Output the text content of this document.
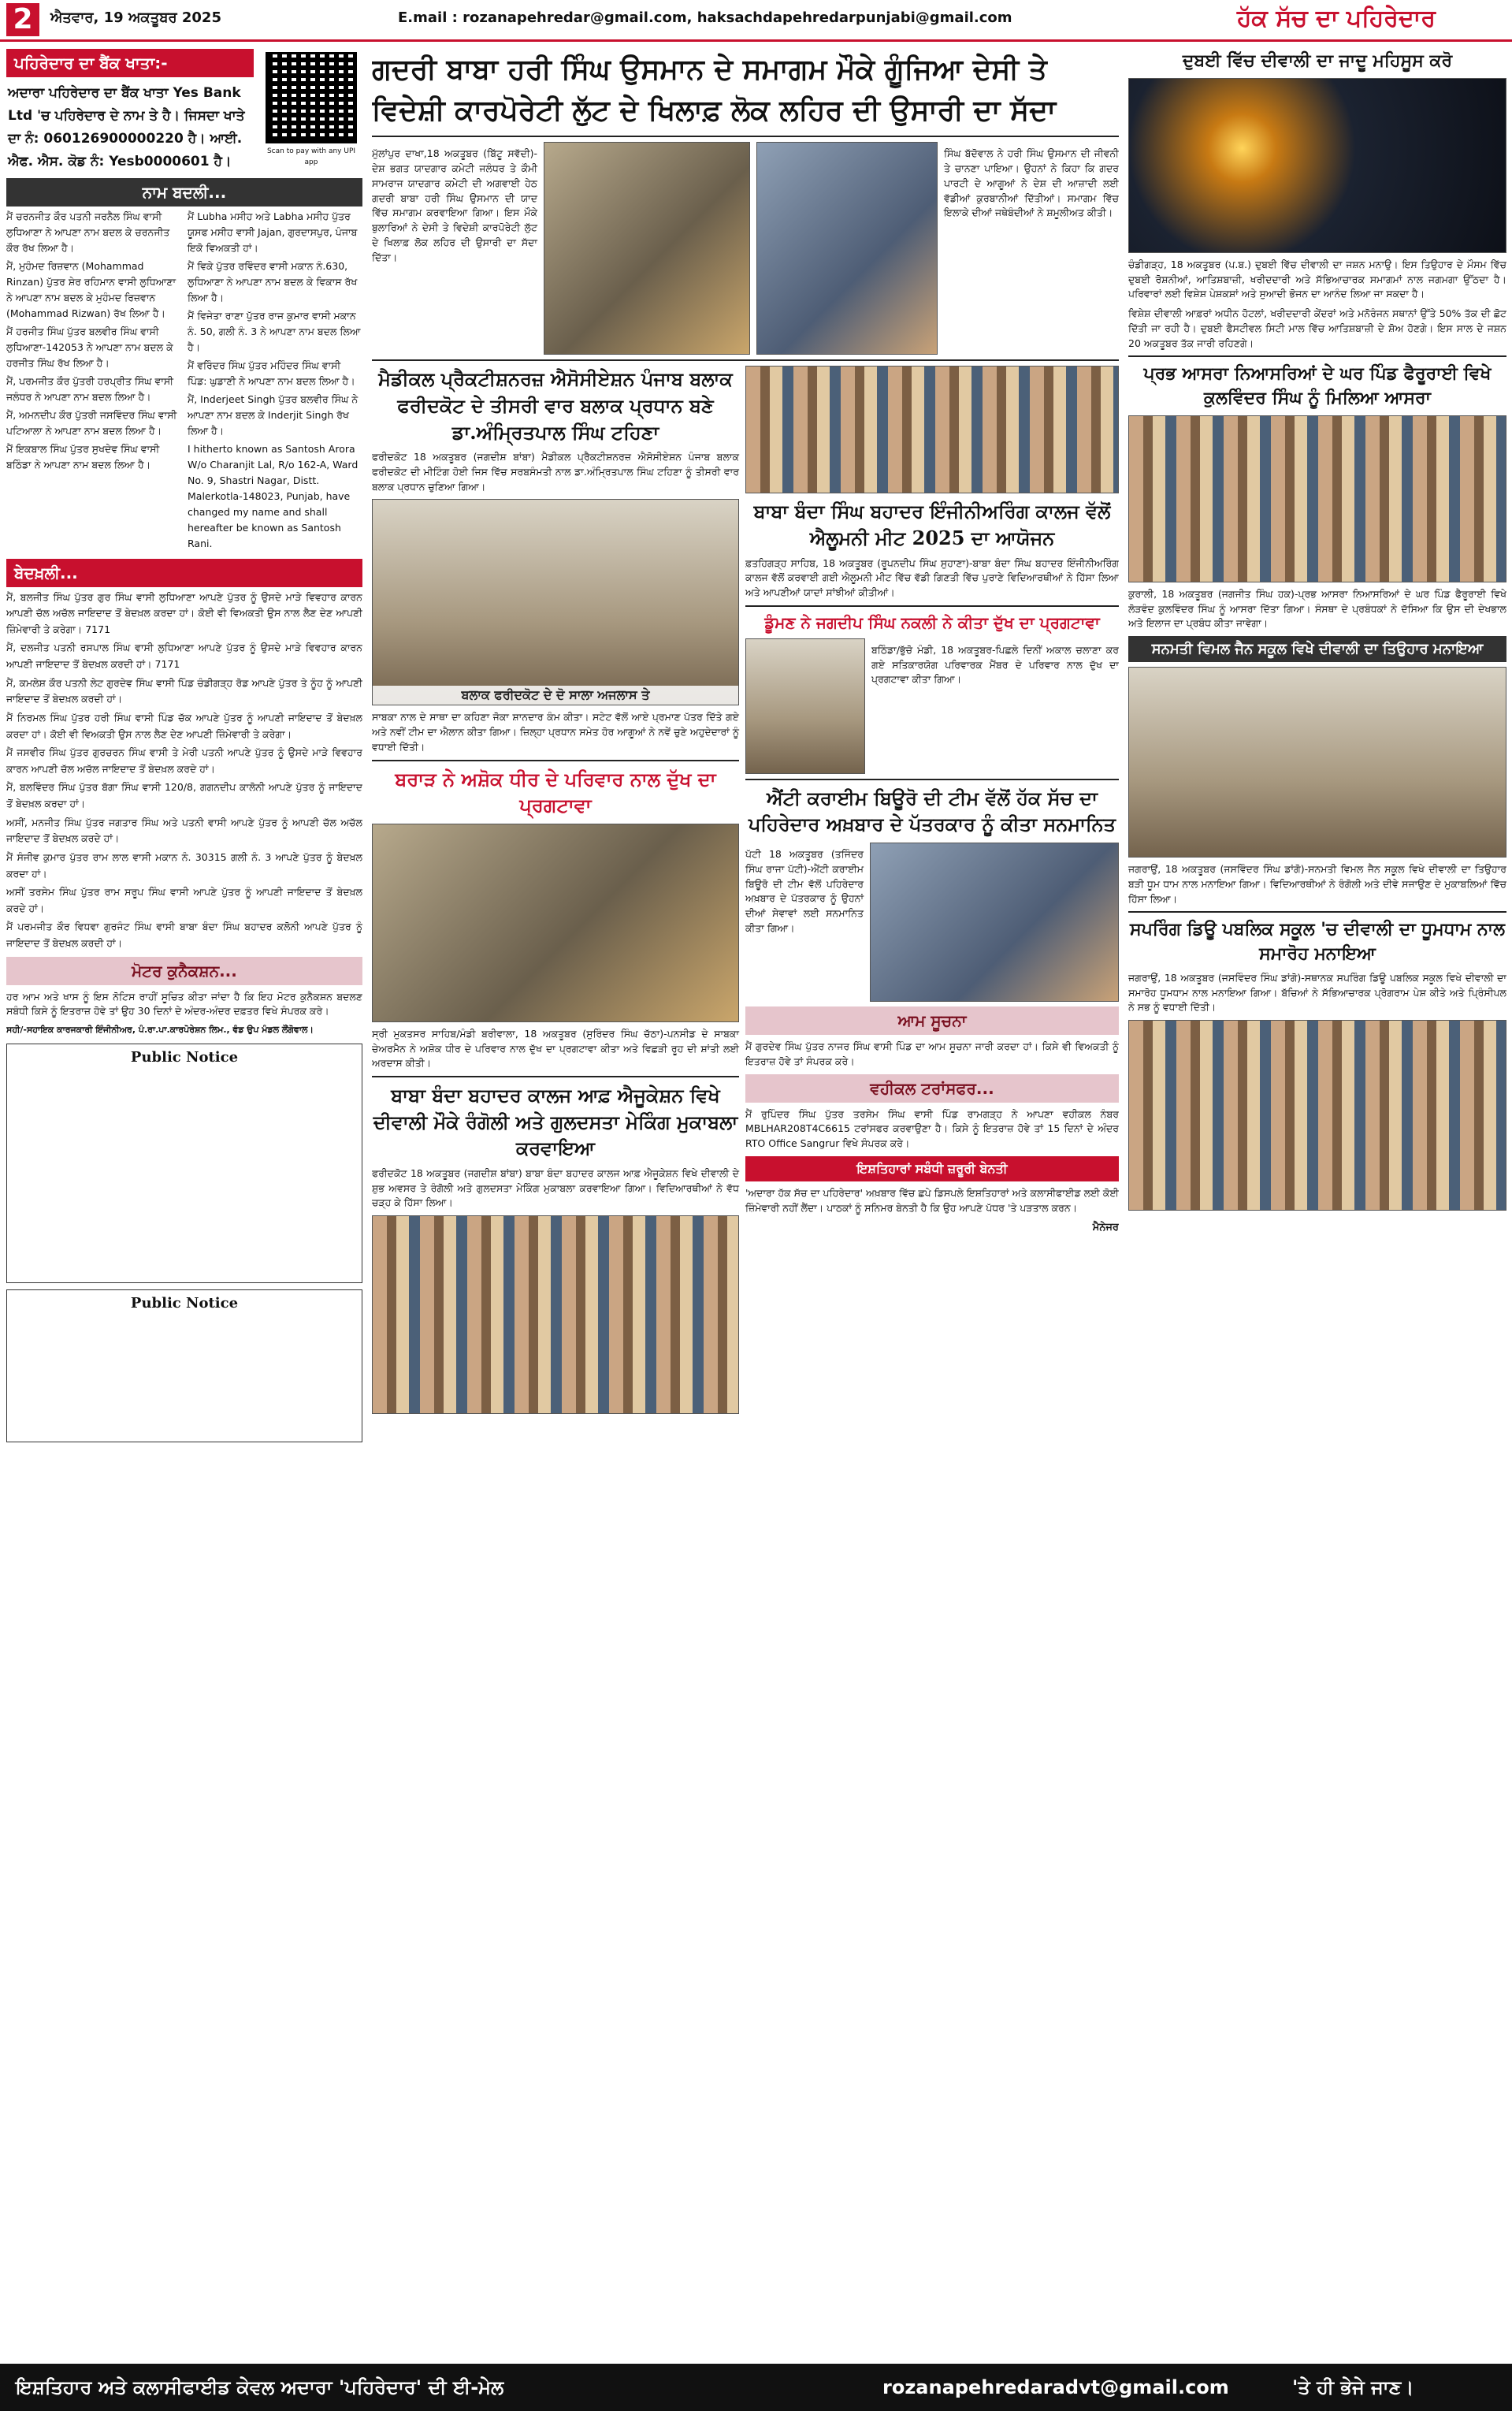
2	ਐਤਵਾਰ, 19 ਅਕਤੂਬਰ 2025	E.mail : rozanapehredar@gmail.com, haksachdapehredarpunjabi@gmail.com	ਹੱਕ ਸੱਚ ਦਾ ਪਹਿਰੇਦਾਰ
ਪਹਿਰੇਦਾਰ ਦਾ ਬੈਂਕ ਖਾਤਾ:-
ਅਦਾਰਾ ਪਹਿਰੇਦਾਰ ਦਾ ਬੈਂਕ ਖਾਤਾ Yes Bank Ltd 'ਚ ਪਹਿਰੇਦਾਰ ਦੇ ਨਾਮ ਤੇ ਹੈ। ਜਿਸਦਾ ਖਾਤੇ ਦਾ ਨੰ: 060126900000220 ਹੈ। ਆਈ. ਐਫ. ਐਸ. ਕੋਡ ਨੰ: Yesb0000601 ਹੈ।
Scan to pay with any UPI app
ਨਾਮ ਬਦਲੀ...
ਮੈਂ ਚਰਨਜੀਤ ਕੌਰ ਪਤਨੀ ਜਰਨੈਲ ਸਿੰਘ ਵਾਸੀ ਲੁਧਿਆਣਾ ਨੇ ਆਪਣਾ ਨਾਮ ਬਦਲ ਕੇ ਚਰਨਜੀਤ ਕੌਰ ਰੱਖ ਲਿਆ ਹੈ।
ਮੈਂ, ਮੁਹੰਮਦ ਰਿਜ਼ਵਾਨ (Mohammad Rinzan) ਪੁੱਤਰ ਸ਼ੇਰ ਰਹਿਮਾਨ ਵਾਸੀ ਲੁਧਿਆਣਾ ਨੇ ਆਪਣਾ ਨਾਮ ਬਦਲ ਕੇ ਮੁਹੰਮਦ ਰਿਜ਼ਵਾਨ (Mohammad Rizwan) ਰੱਖ ਲਿਆ ਹੈ।
ਮੈਂ ਹਰਜੀਤ ਸਿੰਘ ਪੁੱਤਰ ਬਲਵੀਰ ਸਿੰਘ ਵਾਸੀ ਲੁਧਿਆਣਾ-142053 ਨੇ ਆਪਣਾ ਨਾਮ ਬਦਲ ਕੇ ਹਰਜੀਤ ਸਿੰਘ ਰੱਖ ਲਿਆ ਹੈ।
ਮੈਂ, ਪਰਮਜੀਤ ਕੌਰ ਪੁੱਤਰੀ ਹਰਪ੍ਰੀਤ ਸਿੰਘ ਵਾਸੀ ਜਲੰਧਰ ਨੇ ਆਪਣਾ ਨਾਮ ਬਦਲ ਲਿਆ ਹੈ।
ਮੈਂ, ਅਮਨਦੀਪ ਕੌਰ ਪੁੱਤਰੀ ਜਸਵਿੰਦਰ ਸਿੰਘ ਵਾਸੀ ਪਟਿਆਲਾ ਨੇ ਆਪਣਾ ਨਾਮ ਬਦਲ ਲਿਆ ਹੈ।
ਮੈਂ ਇਕਬਾਲ ਸਿੰਘ ਪੁੱਤਰ ਸੁਖਦੇਵ ਸਿੰਘ ਵਾਸੀ ਬਠਿੰਡਾ ਨੇ ਆਪਣਾ ਨਾਮ ਬਦਲ ਲਿਆ ਹੈ।
ਮੈਂ Lubha ਮਸੀਹ ਅਤੇ Labha ਮਸੀਹ ਪੁੱਤਰ ਯੂਸਫ ਮਸੀਹ ਵਾਸੀ Jajan, ਗੁਰਦਾਸਪੁਰ, ਪੰਜਾਬ ਇਕੋ ਵਿਅਕਤੀ ਹਾਂ।
ਮੈਂ ਵਿਕੇ ਪੁੱਤਰ ਰਵਿੰਦਰ ਵਾਸੀ ਮਕਾਨ ਨੰ.630, ਲੁਧਿਆਣਾ ਨੇ ਆਪਣਾ ਨਾਮ ਬਦਲ ਕੇ ਵਿਕਾਸ ਰੱਖ ਲਿਆ ਹੈ।
ਮੈਂ ਵਿਜੇਤਾ ਰਾਣਾ ਪੁੱਤਰ ਰਾਜ ਕੁਮਾਰ ਵਾਸੀ ਮਕਾਨ ਨੰ. 50, ਗਲੀ ਨੰ. 3 ਨੇ ਆਪਣਾ ਨਾਮ ਬਦਲ ਲਿਆ ਹੈ।
ਮੈਂ ਵਰਿੰਦਰ ਸਿੰਘ ਪੁੱਤਰ ਮਹਿੰਦਰ ਸਿੰਘ ਵਾਸੀ ਪਿੰਡ: ਘੁਡਾਣੀ ਨੇ ਆਪਣਾ ਨਾਮ ਬਦਲ ਲਿਆ ਹੈ।
ਮੈਂ, Inderjeet Singh ਪੁੱਤਰ ਬਲਵੀਰ ਸਿੰਘ ਨੇ ਆਪਣਾ ਨਾਮ ਬਦਲ ਕੇ Inderjit Singh ਰੱਖ ਲਿਆ ਹੈ।
I hitherto known as Santosh Arora W/o Charanjit Lal, R/o 162-A, Ward No. 9, Shastri Nagar, Distt. Malerkotla-148023, Punjab, have changed my name and shall hereafter be known as Santosh Rani.
ਬੇਦਖ਼ਲੀ...
ਮੈਂ, ਬਲਜੀਤ ਸਿੰਘ ਪੁੱਤਰ ਗੁਰ ਸਿੰਘ ਵਾਸੀ ਲੁਧਿਆਣਾ ਆਪਣੇ ਪੁੱਤਰ ਨੂੰ ਉਸਦੇ ਮਾੜੇ ਵਿਵਹਾਰ ਕਾਰਨ ਆਪਣੀ ਚੱਲ ਅਚੱਲ ਜਾਇਦਾਦ ਤੋਂ ਬੇਦਖ਼ਲ ਕਰਦਾ ਹਾਂ। ਕੋਈ ਵੀ ਵਿਅਕਤੀ ਉਸ ਨਾਲ ਲੈਣ ਦੇਣ ਆਪਣੀ ਜ਼ਿੰਮੇਵਾਰੀ ਤੇ ਕਰੇਗਾ। 7171
ਮੈਂ, ਦਲਜੀਤ ਪਤਨੀ ਰਸਪਾਲ ਸਿੰਘ ਵਾਸੀ ਲੁਧਿਆਣਾ ਆਪਣੇ ਪੁੱਤਰ ਨੂੰ ਉਸਦੇ ਮਾੜੇ ਵਿਵਹਾਰ ਕਾਰਨ ਆਪਣੀ ਜਾਇਦਾਦ ਤੋਂ ਬੇਦਖ਼ਲ ਕਰਦੀ ਹਾਂ। 7171
ਮੈਂ, ਕਮਲੇਸ਼ ਕੌਰ ਪਤਨੀ ਲੇਟ ਗੁਰਦੇਵ ਸਿੰਘ ਵਾਸੀ ਪਿੰਡ ਚੰਡੀਗੜ੍ਹ ਰੋਡ ਆਪਣੇ ਪੁੱਤਰ ਤੇ ਨੂੰਹ ਨੂੰ ਆਪਣੀ ਜਾਇਦਾਦ ਤੋਂ ਬੇਦਖ਼ਲ ਕਰਦੀ ਹਾਂ।
ਮੈਂ ਨਿਰਮਲ ਸਿੰਘ ਪੁੱਤਰ ਹਰੀ ਸਿੰਘ ਵਾਸੀ ਪਿੰਡ ਚੱਕ ਆਪਣੇ ਪੁੱਤਰ ਨੂੰ ਆਪਣੀ ਜਾਇਦਾਦ ਤੋਂ ਬੇਦਖ਼ਲ ਕਰਦਾ ਹਾਂ। ਕੋਈ ਵੀ ਵਿਅਕਤੀ ਉਸ ਨਾਲ ਲੈਣ ਦੇਣ ਆਪਣੀ ਜ਼ਿੰਮੇਵਾਰੀ ਤੇ ਕਰੇਗਾ।
ਮੈਂ ਜਸਵੀਰ ਸਿੰਘ ਪੁੱਤਰ ਗੁਰਚਰਨ ਸਿੰਘ ਵਾਸੀ ਤੇ ਮੇਰੀ ਪਤਨੀ ਆਪਣੇ ਪੁੱਤਰ ਨੂੰ ਉਸਦੇ ਮਾੜੇ ਵਿਵਹਾਰ ਕਾਰਨ ਆਪਣੀ ਚੱਲ ਅਚੱਲ ਜਾਇਦਾਦ ਤੋਂ ਬੇਦਖ਼ਲ ਕਰਦੇ ਹਾਂ।
ਮੈਂ, ਬਲਵਿੰਦਰ ਸਿੰਘ ਪੁੱਤਰ ਬੱਗਾ ਸਿੰਘ ਵਾਸੀ 120/8, ਗਗਨਦੀਪ ਕਾਲੋਨੀ ਆਪਣੇ ਪੁੱਤਰ ਨੂੰ ਜਾਇਦਾਦ ਤੋਂ ਬੇਦਖ਼ਲ ਕਰਦਾ ਹਾਂ।
ਅਸੀਂ, ਮਨਜੀਤ ਸਿੰਘ ਪੁੱਤਰ ਜਗਤਾਰ ਸਿੰਘ ਅਤੇ ਪਤਨੀ ਵਾਸੀ ਆਪਣੇ ਪੁੱਤਰ ਨੂੰ ਆਪਣੀ ਚੱਲ ਅਚੱਲ ਜਾਇਦਾਦ ਤੋਂ ਬੇਦਖ਼ਲ ਕਰਦੇ ਹਾਂ।
ਮੈਂ ਸੰਜੀਵ ਕੁਮਾਰ ਪੁੱਤਰ ਰਾਮ ਲਾਲ ਵਾਸੀ ਮਕਾਨ ਨੰ. 30315 ਗਲੀ ਨੰ. 3 ਆਪਣੇ ਪੁੱਤਰ ਨੂੰ ਬੇਦਖ਼ਲ ਕਰਦਾ ਹਾਂ।
ਅਸੀਂ ਤਰਸੇਮ ਸਿੰਘ ਪੁੱਤਰ ਰਾਮ ਸਰੂਪ ਸਿੰਘ ਵਾਸੀ ਆਪਣੇ ਪੁੱਤਰ ਨੂੰ ਆਪਣੀ ਜਾਇਦਾਦ ਤੋਂ ਬੇਦਖ਼ਲ ਕਰਦੇ ਹਾਂ।
ਮੈਂ ਪਰਮਜੀਤ ਕੌਰ ਵਿਧਵਾ ਗੁਰਜੰਟ ਸਿੰਘ ਵਾਸੀ ਬਾਬਾ ਬੰਦਾ ਸਿੰਘ ਬਹਾਦਰ ਕਲੋਨੀ ਆਪਣੇ ਪੁੱਤਰ ਨੂੰ ਜਾਇਦਾਦ ਤੋਂ ਬੇਦਖ਼ਲ ਕਰਦੀ ਹਾਂ।
ਮੋਟਰ ਕੁਨੈਕਸ਼ਨ...
ਹਰ ਆਮ ਅਤੇ ਖਾਸ ਨੂੰ ਇਸ ਨੋਟਿਸ ਰਾਹੀਂ ਸੂਚਿਤ ਕੀਤਾ ਜਾਂਦਾ ਹੈ ਕਿ ਇਹ ਮੋਟਰ ਕੁਨੈਕਸ਼ਨ ਬਦਲਣ ਸਬੰਧੀ ਕਿਸੇ ਨੂੰ ਇਤਰਾਜ਼ ਹੋਵੇ ਤਾਂ ਉਹ 30 ਦਿਨਾਂ ਦੇ ਅੰਦਰ-ਅੰਦਰ ਦਫ਼ਤਰ ਵਿਖੇ ਸੰਪਰਕ ਕਰੇ।
ਸਹੀ/-ਸਹਾਇਕ ਕਾਰਜਕਾਰੀ ਇੰਜੀਨੀਅਰ, ਪੰ.ਰਾ.ਪਾ.ਕਾਰਪੋਰੇਸ਼ਨ ਲਿਮ., ਵੰਡ ਉਪ ਮੰਡਲ ਲੌਂਗੋਵਾਲ।
Public Notice
Public Notice
ਗਦਰੀ ਬਾਬਾ ਹਰੀ ਸਿੰਘ ਉਸਮਾਨ ਦੇ ਸਮਾਗਮ ਮੌਕੇ ਗੂੰਜਿਆ ਦੇਸੀ ਤੇ ਵਿਦੇਸ਼ੀ ਕਾਰਪੋਰੇਟੀ ਲੁੱਟ ਦੇ ਖਿਲਾਫ਼ ਲੋਕ ਲਹਿਰ ਦੀ ਉਸਾਰੀ ਦਾ ਸੱਦਾ
ਮੁੱਲਾਂਪੁਰ ਦਾਖਾ,18 ਅਕਤੂਬਰ (ਬਿੱਟੂ ਸਵੱਦੀ)-ਦੇਸ਼ ਭਗਤ ਯਾਦਗਾਰ ਕਮੇਟੀ ਜਲੰਧਰ ਤੇ ਕੌਮੀ ਸਾਮਰਾਜ ਯਾਦਗਾਰ ਕਮੇਟੀ ਦੀ ਅਗਵਾਈ ਹੇਠ ਗਦਰੀ ਬਾਬਾ ਹਰੀ ਸਿੰਘ ਉਸਮਾਨ ਦੀ ਯਾਦ ਵਿੱਚ ਸਮਾਗਮ ਕਰਵਾਇਆ ਗਿਆ। ਇਸ ਮੌਕੇ ਬੁਲਾਰਿਆਂ ਨੇ ਦੇਸੀ ਤੇ ਵਿਦੇਸ਼ੀ ਕਾਰਪੋਰੇਟੀ ਲੁੱਟ ਦੇ ਖਿਲਾਫ਼ ਲੋਕ ਲਹਿਰ ਦੀ ਉਸਾਰੀ ਦਾ ਸੱਦਾ ਦਿੱਤਾ।
ਸਿੰਘ ਬੱਦੋਵਾਲ ਨੇ ਹਰੀ ਸਿੰਘ ਉਸਮਾਨ ਦੀ ਜੀਵਨੀ ਤੇ ਚਾਨਣਾ ਪਾਇਆ। ਉਹਨਾਂ ਨੇ ਕਿਹਾ ਕਿ ਗਦਰ ਪਾਰਟੀ ਦੇ ਆਗੂਆਂ ਨੇ ਦੇਸ਼ ਦੀ ਆਜ਼ਾਦੀ ਲਈ ਵੱਡੀਆਂ ਕੁਰਬਾਨੀਆਂ ਦਿੱਤੀਆਂ। ਸਮਾਗਮ ਵਿੱਚ ਇਲਾਕੇ ਦੀਆਂ ਜਥੇਬੰਦੀਆਂ ਨੇ ਸ਼ਮੂਲੀਅਤ ਕੀਤੀ।
ਮੈਡੀਕਲ ਪ੍ਰੈਕਟੀਸ਼ਨਰਜ਼ ਐਸੋਸੀਏਸ਼ਨ ਪੰਜਾਬ ਬਲਾਕ ਫਰੀਦਕੋਟ ਦੇ ਤੀਸਰੀ ਵਾਰ ਬਲਾਕ ਪ੍ਰਧਾਨ ਬਣੇ ਡਾ.ਅੰਮ੍ਰਿਤਪਾਲ ਸਿੰਘ ਟਹਿਣਾ
ਫਰੀਦਕੋਟ 18 ਅਕਤੂਬਰ (ਜਗਦੀਸ਼ ਬਾਂਬਾ) ਮੈਡੀਕਲ ਪ੍ਰੈਕਟੀਸ਼ਨਰਜ਼ ਐਸੋਸੀਏਸ਼ਨ ਪੰਜਾਬ ਬਲਾਕ ਫਰੀਦਕੋਟ ਦੀ ਮੀਟਿੰਗ ਹੋਈ ਜਿਸ ਵਿੱਚ ਸਰਬਸੰਮਤੀ ਨਾਲ ਡਾ.ਅੰਮ੍ਰਿਤਪਾਲ ਸਿੰਘ ਟਹਿਣਾ ਨੂੰ ਤੀਸਰੀ ਵਾਰ ਬਲਾਕ ਪ੍ਰਧਾਨ ਚੁਣਿਆ ਗਿਆ।
ਬਲਾਕ ਫਰੀਦਕੋਟ ਦੇ ਦੋ ਸਾਲਾ ਅਜਲਾਸ ਤੇ
ਸਾਬਕਾ ਨਾਲ ਦੇ ਸਾਥਾ ਦਾ ਕਹਿਣਾ ਜੋਕਾ ਸ਼ਾਨਦਾਰ ਕੰਮ ਕੀਤਾ। ਸਟੇਟ ਵੱਲੋਂ ਆਏ ਪ੍ਰਮਾਣ ਪੱਤਰ ਦਿੱਤੇ ਗਏ ਅਤੇ ਨਵੀਂ ਟੀਮ ਦਾ ਐਲਾਨ ਕੀਤਾ ਗਿਆ। ਜ਼ਿਲ੍ਹਾ ਪ੍ਰਧਾਨ ਸਮੇਤ ਹੋਰ ਆਗੂਆਂ ਨੇ ਨਵੇਂ ਚੁਣੇ ਅਹੁਦੇਦਾਰਾਂ ਨੂੰ ਵਧਾਈ ਦਿੱਤੀ।
ਬਰਾੜ ਨੇ ਅਸ਼ੋਕ ਧੀਰ ਦੇ ਪਰਿਵਾਰ ਨਾਲ ਦੁੱਖ ਦਾ ਪ੍ਰਗਟਾਵਾ
ਸ੍ਰੀ ਮੁਕਤਸਰ ਸਾਹਿਬ/ਮੰਡੀ ਬਰੀਵਾਲਾ, 18 ਅਕਤੂਬਰ (ਸੁਰਿੰਦਰ ਸਿੰਘ ਚੱਠਾ)-ਪਨਸੀਡ ਦੇ ਸਾਬਕਾ ਚੇਅਰਮੈਨ ਨੇ ਅਸ਼ੋਕ ਧੀਰ ਦੇ ਪਰਿਵਾਰ ਨਾਲ ਦੁੱਖ ਦਾ ਪ੍ਰਗਟਾਵਾ ਕੀਤਾ ਅਤੇ ਵਿਛੜੀ ਰੂਹ ਦੀ ਸ਼ਾਂਤੀ ਲਈ ਅਰਦਾਸ ਕੀਤੀ।
ਬਾਬਾ ਬੰਦਾ ਬਹਾਦਰ ਕਾਲਜ ਆਫ਼ ਐਜੂਕੇਸ਼ਨ ਵਿਖੇ ਦੀਵਾਲੀ ਮੌਕੇ ਰੰਗੋਲੀ ਅਤੇ ਗੁਲਦਸਤਾ ਮੇਕਿੰਗ ਮੁਕਾਬਲਾ ਕਰਵਾਇਆ
ਫਰੀਦਕੋਟ 18 ਅਕਤੂਬਰ (ਜਗਦੀਸ਼ ਬਾਂਬਾ) ਬਾਬਾ ਬੰਦਾ ਬਹਾਦਰ ਕਾਲਜ ਆਫ਼ ਐਜੂਕੇਸ਼ਨ ਵਿਖੇ ਦੀਵਾਲੀ ਦੇ ਸ਼ੁਭ ਅਵਸਰ ਤੇ ਰੰਗੋਲੀ ਅਤੇ ਗੁਲਦਸਤਾ ਮੇਕਿੰਗ ਮੁਕਾਬਲਾ ਕਰਵਾਇਆ ਗਿਆ। ਵਿਦਿਆਰਥੀਆਂ ਨੇ ਵੱਧ ਚੜ੍ਹ ਕੇ ਹਿੱਸਾ ਲਿਆ।
ਬਾਬਾ ਬੰਦਾ ਸਿੰਘ ਬਹਾਦਰ ਇੰਜੀਨੀਅਰਿੰਗ ਕਾਲਜ ਵੱਲੋਂ ਐਲੂਮਨੀ ਮੀਟ 2025 ਦਾ ਆਯੋਜਨ
ਫ਼ਤਹਿਗੜ੍ਹ ਸਾਹਿਬ, 18 ਅਕਤੂਬਰ (ਰੂਪਨਦੀਪ ਸਿੰਘ ਸੁਹਾਣਾ)-ਬਾਬਾ ਬੰਦਾ ਸਿੰਘ ਬਹਾਦਰ ਇੰਜੀਨੀਅਰਿੰਗ ਕਾਲਜ ਵੱਲੋਂ ਕਰਵਾਈ ਗਈ ਐਲੂਮਨੀ ਮੀਟ ਵਿੱਚ ਵੱਡੀ ਗਿਣਤੀ ਵਿੱਚ ਪੁਰਾਣੇ ਵਿਦਿਆਰਥੀਆਂ ਨੇ ਹਿੱਸਾ ਲਿਆ ਅਤੇ ਆਪਣੀਆਂ ਯਾਦਾਂ ਸਾਂਝੀਆਂ ਕੀਤੀਆਂ।
ਡੂੰਮਣ ਨੇ ਜਗਦੀਪ ਸਿੰਘ ਨਕਲੀ ਨੇ ਕੀਤਾ ਦੁੱਖ ਦਾ ਪ੍ਰਗਟਾਵਾ
ਬਠਿੰਡਾ/ਭੁੱਚੋ ਮੰਡੀ, 18 ਅਕਤੂਬਰ-ਪਿਛਲੇ ਦਿਨੀਂ ਅਕਾਲ ਚਲਾਣਾ ਕਰ ਗਏ ਸਤਿਕਾਰਯੋਗ ਪਰਿਵਾਰਕ ਮੈਂਬਰ ਦੇ ਪਰਿਵਾਰ ਨਾਲ ਦੁੱਖ ਦਾ ਪ੍ਰਗਟਾਵਾ ਕੀਤਾ ਗਿਆ।
ਐਂਟੀ ਕਰਾਈਮ ਬਿਊਰੋ ਦੀ ਟੀਮ ਵੱਲੋਂ ਹੱਕ ਸੱਚ ਦਾ ਪਹਿਰੇਦਾਰ ਅਖ਼ਬਾਰ ਦੇ ਪੱਤਰਕਾਰ ਨੂੰ ਕੀਤਾ ਸਨਮਾਨਿਤ
ਪੱਟੀ 18 ਅਕਤੂਬਰ (ਤਜਿੰਦਰ ਸਿੰਘ ਰਾਜਾ ਪੱਟੀ)-ਐਂਟੀ ਕਰਾਈਮ ਬਿਊਰੋ ਦੀ ਟੀਮ ਵੱਲੋਂ ਪਹਿਰੇਦਾਰ ਅਖ਼ਬਾਰ ਦੇ ਪੱਤਰਕਾਰ ਨੂੰ ਉਹਨਾਂ ਦੀਆਂ ਸੇਵਾਵਾਂ ਲਈ ਸਨਮਾਨਿਤ ਕੀਤਾ ਗਿਆ।
ਆਮ ਸੂਚਨਾ
ਮੈਂ ਗੁਰਦੇਵ ਸਿੰਘ ਪੁੱਤਰ ਨਾਜਰ ਸਿੰਘ ਵਾਸੀ ਪਿੰਡ ਦਾ ਆਮ ਸੂਚਨਾ ਜਾਰੀ ਕਰਦਾ ਹਾਂ। ਕਿਸੇ ਵੀ ਵਿਅਕਤੀ ਨੂੰ ਇਤਰਾਜ਼ ਹੋਵੇ ਤਾਂ ਸੰਪਰਕ ਕਰੇ।
ਵਹੀਕਲ ਟਰਾਂਸਫਰ...
ਮੈਂ ਰੁਪਿੰਦਰ ਸਿੰਘ ਪੁੱਤਰ ਤਰਸੇਮ ਸਿੰਘ ਵਾਸੀ ਪਿੰਡ ਰਾਮਗੜ੍ਹ ਨੇ ਆਪਣਾ ਵਹੀਕਲ ਨੰਬਰ MBLHAR208T4C6615 ਟਰਾਂਸਫਰ ਕਰਵਾਉਣਾ ਹੈ। ਕਿਸੇ ਨੂੰ ਇਤਰਾਜ਼ ਹੋਵੇ ਤਾਂ 15 ਦਿਨਾਂ ਦੇ ਅੰਦਰ RTO Office Sangrur ਵਿਖੇ ਸੰਪਰਕ ਕਰੇ।
ਇਸ਼ਤਿਹਾਰਾਂ ਸਬੰਧੀ ਜ਼ਰੂਰੀ ਬੇਨਤੀ
'ਅਦਾਰਾ ਹੱਕ ਸੱਚ ਦਾ ਪਹਿਰੇਦਾਰ' ਅਖ਼ਬਾਰ ਵਿੱਚ ਛਪੇ ਡਿਸਪਲੇ ਇਸ਼ਤਿਹਾਰਾਂ ਅਤੇ ਕਲਾਸੀਫਾਈਡ ਲਈ ਕੋਈ ਜ਼ਿੰਮੇਵਾਰੀ ਨਹੀਂ ਲੈਂਦਾ। ਪਾਠਕਾਂ ਨੂੰ ਸਨਿਮਰ ਬੇਨਤੀ ਹੈ ਕਿ ਉਹ ਆਪਣੇ ਪੱਧਰ 'ਤੇ ਪੜਤਾਲ ਕਰਨ।
ਮੈਨੇਜਰ
ਦੁਬਈ ਵਿੱਚ ਦੀਵਾਲੀ ਦਾ ਜਾਦੂ ਮਹਿਸੂਸ ਕਰੋ
ਚੰਡੀਗੜ੍ਹ, 18 ਅਕਤੂਬਰ (ਪ.ਬ.) ਦੁਬਈ ਵਿੱਚ ਦੀਵਾਲੀ ਦਾ ਜਸ਼ਨ ਮਨਾਉ। ਇਸ ਤਿਉਹਾਰ ਦੇ ਮੌਸਮ ਵਿੱਚ ਦੁਬਈ ਰੋਸ਼ਨੀਆਂ, ਆਤਿਸ਼ਬਾਜ਼ੀ, ਖਰੀਦਦਾਰੀ ਅਤੇ ਸੱਭਿਆਚਾਰਕ ਸਮਾਗਮਾਂ ਨਾਲ ਜਗਮਗਾ ਉੱਠਦਾ ਹੈ। ਪਰਿਵਾਰਾਂ ਲਈ ਵਿਸ਼ੇਸ਼ ਪੇਸ਼ਕਸ਼ਾਂ ਅਤੇ ਸੁਆਦੀ ਭੋਜਨ ਦਾ ਆਨੰਦ ਲਿਆ ਜਾ ਸਕਦਾ ਹੈ।
ਵਿਸ਼ੇਸ਼ ਦੀਵਾਲੀ ਆਫ਼ਰਾਂ ਅਧੀਨ ਹੋਟਲਾਂ, ਖਰੀਦਦਾਰੀ ਕੇਂਦਰਾਂ ਅਤੇ ਮਨੋਰੰਜਨ ਸਥਾਨਾਂ ਉੱਤੇ 50% ਤੱਕ ਦੀ ਛੋਟ ਦਿੱਤੀ ਜਾ ਰਹੀ ਹੈ। ਦੁਬਈ ਫੈਸਟੀਵਲ ਸਿਟੀ ਮਾਲ ਵਿੱਚ ਆਤਿਸ਼ਬਾਜ਼ੀ ਦੇ ਸ਼ੋਅ ਹੋਣਗੇ। ਇਸ ਸਾਲ ਦੇ ਜਸ਼ਨ 20 ਅਕਤੂਬਰ ਤੱਕ ਜਾਰੀ ਰਹਿਣਗੇ।
ਪ੍ਰਭ ਆਸਰਾ ਨਿਆਸਰਿਆਂ ਦੇ ਘਰ ਪਿੰਡ ਫੈਰੂਰਾਈ ਵਿਖੇ ਕੁਲਵਿੰਦਰ ਸਿੰਘ ਨੂੰ ਮਿਲਿਆ ਆਸਰਾ
ਕੁਰਾਲੀ, 18 ਅਕਤੂਬਰ (ਜਗਜੀਤ ਸਿੰਘ ਹਕ)-ਪ੍ਰਭ ਆਸਰਾ ਨਿਆਸਰਿਆਂ ਦੇ ਘਰ ਪਿੰਡ ਫੈਰੂਰਾਈ ਵਿਖੇ ਲੋੜਵੰਦ ਕੁਲਵਿੰਦਰ ਸਿੰਘ ਨੂੰ ਆਸਰਾ ਦਿੱਤਾ ਗਿਆ। ਸੰਸਥਾ ਦੇ ਪ੍ਰਬੰਧਕਾਂ ਨੇ ਦੱਸਿਆ ਕਿ ਉਸ ਦੀ ਦੇਖਭਾਲ ਅਤੇ ਇਲਾਜ ਦਾ ਪ੍ਰਬੰਧ ਕੀਤਾ ਜਾਵੇਗਾ।
ਸਨਮਤੀ ਵਿਮਲ ਜੈਨ ਸਕੂਲ ਵਿਖੇ ਦੀਵਾਲੀ ਦਾ ਤਿਉਹਾਰ ਮਨਾਇਆ
ਜਗਰਾਉਂ, 18 ਅਕਤੂਬਰ (ਜਸਵਿੰਦਰ ਸਿੰਘ ਡਾਂਗੋ)-ਸਨਮਤੀ ਵਿਮਲ ਜੈਨ ਸਕੂਲ ਵਿਖੇ ਦੀਵਾਲੀ ਦਾ ਤਿਉਹਾਰ ਬੜੀ ਧੂਮ ਧਾਮ ਨਾਲ ਮਨਾਇਆ ਗਿਆ। ਵਿਦਿਆਰਥੀਆਂ ਨੇ ਰੰਗੋਲੀ ਅਤੇ ਦੀਵੇ ਸਜਾਉਣ ਦੇ ਮੁਕਾਬਲਿਆਂ ਵਿੱਚ ਹਿੱਸਾ ਲਿਆ।
ਸਪਰਿੰਗ ਡਿਊ ਪਬਲਿਕ ਸਕੂਲ 'ਚ ਦੀਵਾਲੀ ਦਾ ਧੂਮਧਾਮ ਨਾਲ ਸਮਾਰੋਹ ਮਨਾਇਆ
ਜਗਰਾਉਂ, 18 ਅਕਤੂਬਰ (ਜਸਵਿੰਦਰ ਸਿੰਘ ਡਾਂਗੋ)-ਸਥਾਨਕ ਸਪਰਿੰਗ ਡਿਊ ਪਬਲਿਕ ਸਕੂਲ ਵਿਖੇ ਦੀਵਾਲੀ ਦਾ ਸਮਾਰੋਹ ਧੂਮਧਾਮ ਨਾਲ ਮਨਾਇਆ ਗਿਆ। ਬੱਚਿਆਂ ਨੇ ਸੱਭਿਆਚਾਰਕ ਪ੍ਰੋਗਰਾਮ ਪੇਸ਼ ਕੀਤੇ ਅਤੇ ਪ੍ਰਿੰਸੀਪਲ ਨੇ ਸਭ ਨੂੰ ਵਧਾਈ ਦਿੱਤੀ।
ਇਸ਼ਤਿਹਾਰ ਅਤੇ ਕਲਾਸੀਫਾਈਡ ਕੇਵਲ ਅਦਾਰਾ 'ਪਹਿਰੇਦਾਰ' ਦੀ ਈ-ਮੇਲ	rozanapehredaradvt@gmail.com	'ਤੇ ਹੀ ਭੇਜੇ ਜਾਣ।
